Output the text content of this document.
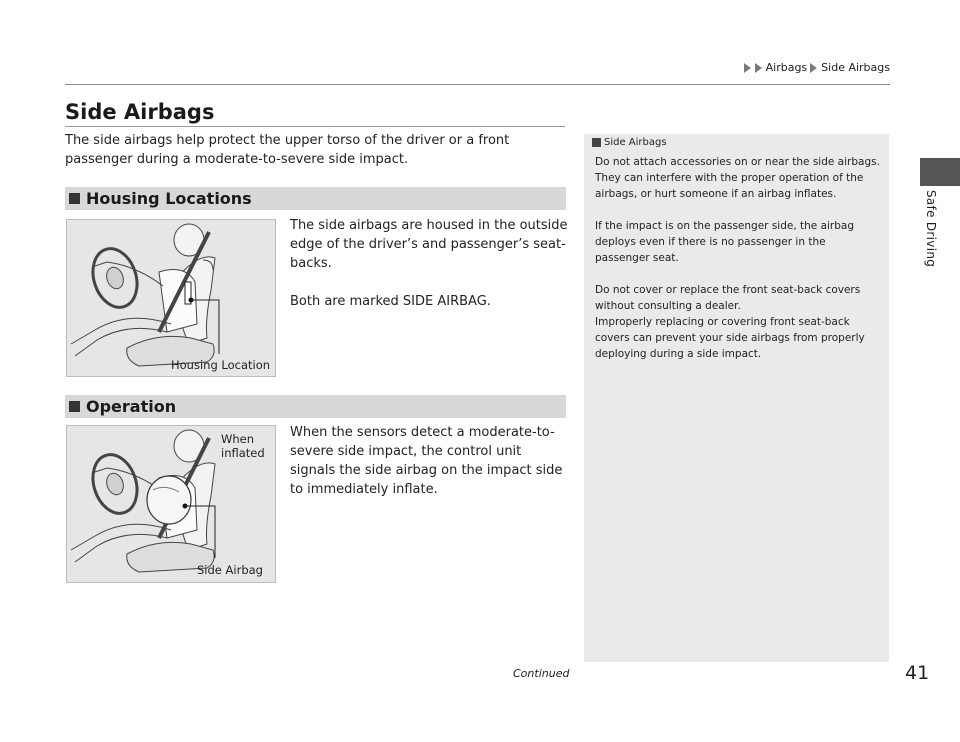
Airbags Side Airbags
Safe Driving
Side Airbags

The side airbags help protect the upper torso of the driver or a front passenger during a moderate-to-severe side impact.

Housing Locations
Housing Location

The side airbags are housed in the outside edge of the driver’s and passenger’s seat-backs.

Both are marked SIDE AIRBAG.

Operation
When
inflated
Side Airbag

When the sensors detect a moderate-to-severe side impact, the control unit signals the side airbag on the impact side to immediately inflate.

Side Airbags

Do not attach accessories on or near the side airbags. They can interfere with the proper operation of the airbags, or hurt someone if an airbag inflates.

If the impact is on the passenger side, the airbag deploys even if there is no passenger in the passenger seat.

Do not cover or replace the front seat-back covers without consulting a dealer.

Improperly replacing or covering front seat-back covers can prevent your side airbags from properly deploying during a side impact.

Continued	41
